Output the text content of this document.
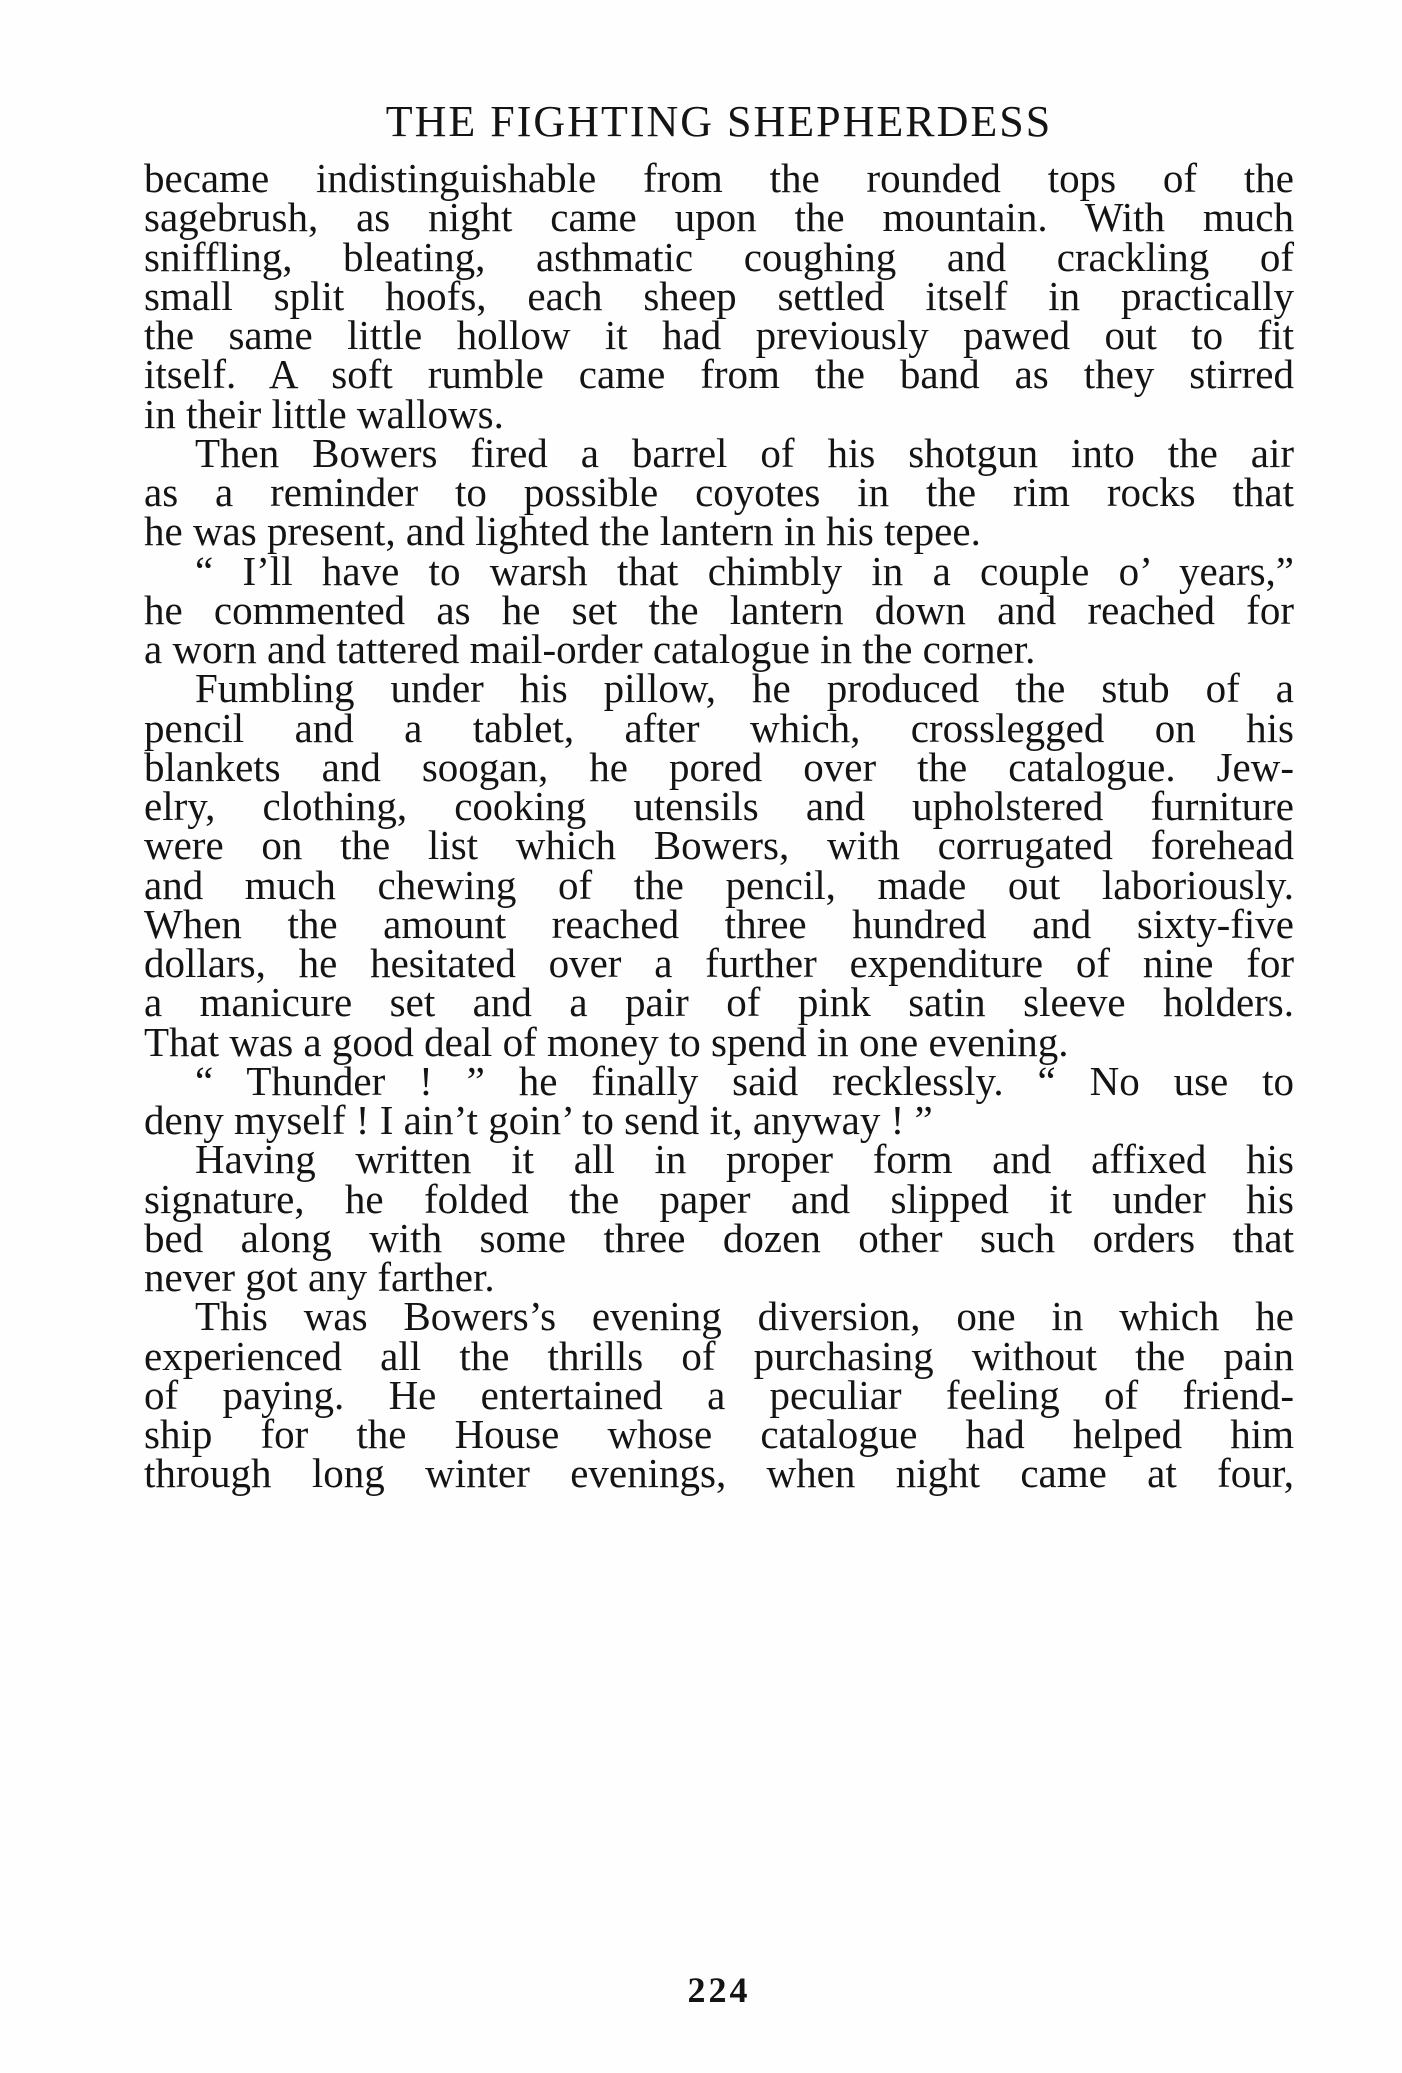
THE FIGHTING SHEPHERDESS
became indistinguishable from the rounded tops of the
sagebrush, as night came upon the mountain. With much
sniffling, bleating, asthmatic coughing and crackling of
small split hoofs, each sheep settled itself in practically
the same little hollow it had previously pawed out to fit
itself. A soft rumble came from the band as they stirred
in their little wallows.
Then Bowers fired a barrel of his shotgun into the air
as a reminder to possible coyotes in the rim rocks that
he was present, and lighted the lantern in his tepee.
“ I’ll have to warsh that chimbly in a couple o’ years,”
he commented as he set the lantern down and reached for
a worn and tattered mail-order catalogue in the corner.
Fumbling under his pillow, he produced the stub of a
pencil and a tablet, after which, crosslegged on his
blankets and soogan, he pored over the catalogue. Jew-
elry, clothing, cooking utensils and upholstered furniture
were on the list which Bowers, with corrugated forehead
and much chewing of the pencil, made out laboriously.
When the amount reached three hundred and sixty-five
dollars, he hesitated over a further expenditure of nine for
a manicure set and a pair of pink satin sleeve holders.
That was a good deal of money to spend in one evening.
“ Thunder ! ” he finally said recklessly. “ No use to
deny myself ! I ain’t goin’ to send it, anyway ! ”
Having written it all in proper form and affixed his
signature, he folded the paper and slipped it under his
bed along with some three dozen other such orders that
never got any farther.
This was Bowers’s evening diversion, one in which he
experienced all the thrills of purchasing without the pain
of paying. He entertained a peculiar feeling of friend-
ship for the House whose catalogue had helped him
through long winter evenings, when night came at four,
224
